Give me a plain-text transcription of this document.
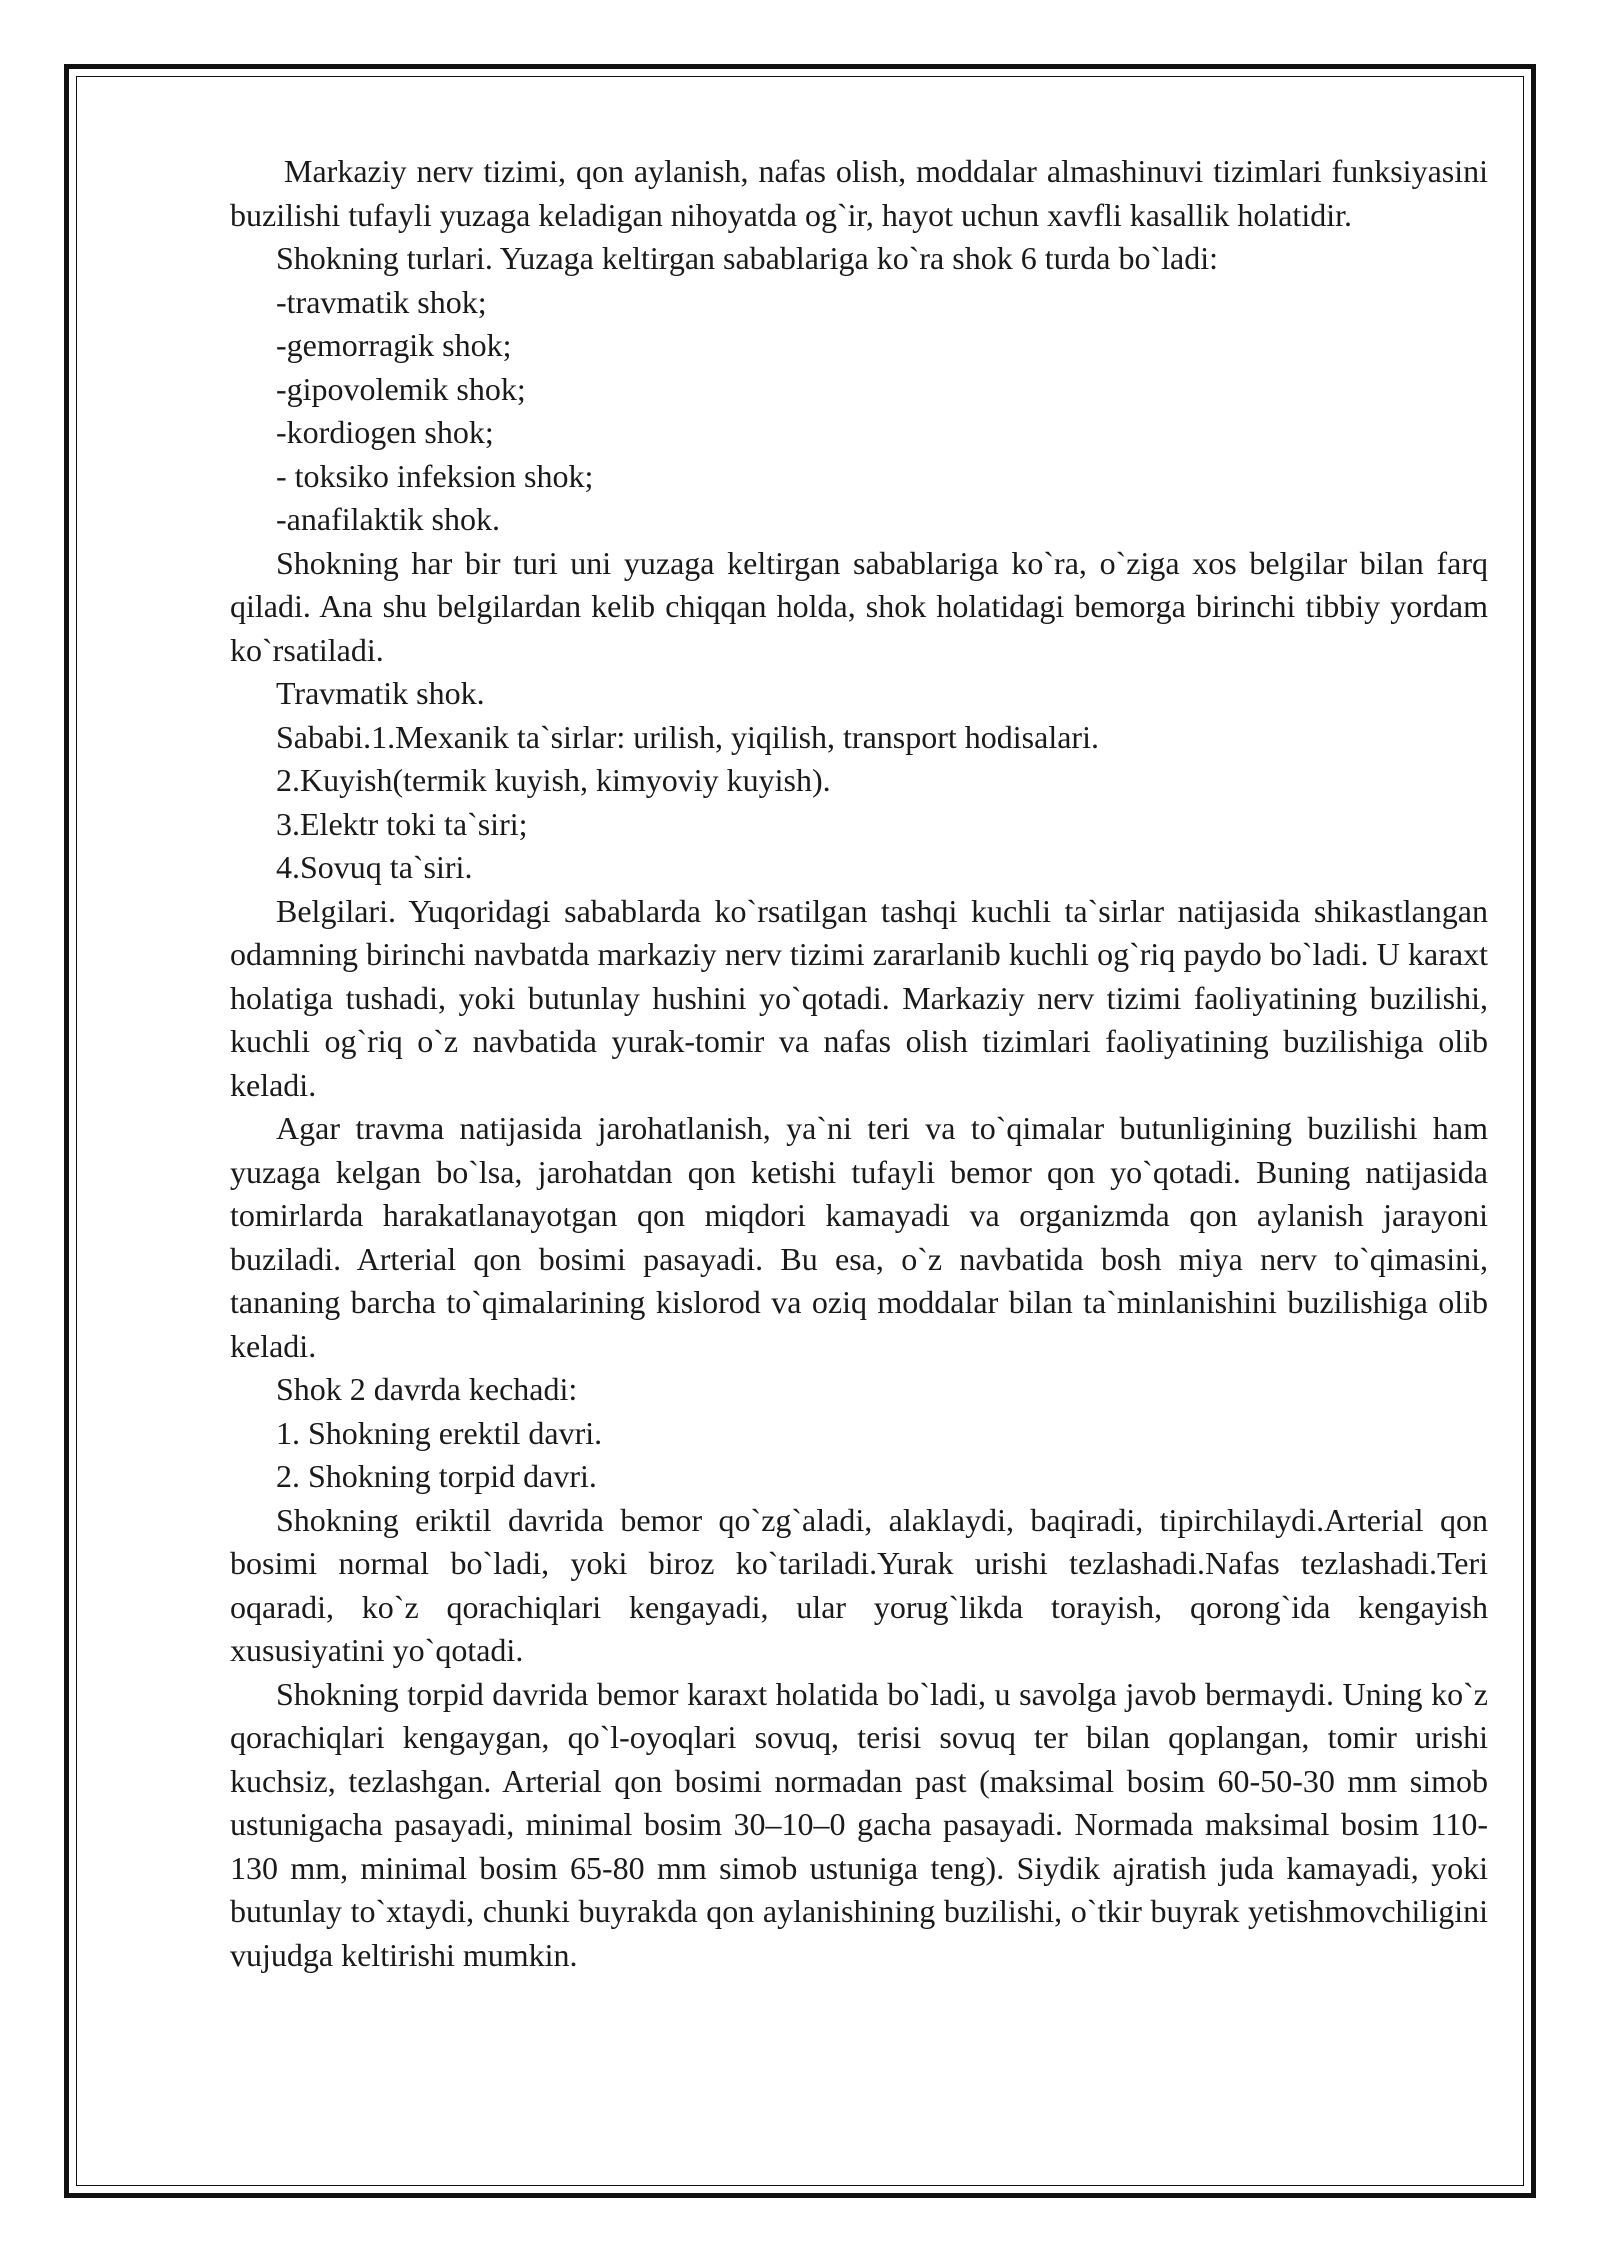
Markaziy nerv tizimi, qon aylanish, nafas olish, moddalar almashinuvi tizimlari funksiyasini buzilishi tufayli yuzaga keladigan nihoyatda og`ir, hayot uchun xavfli kasallik holatidir.

Shokning turlari. Yuzaga keltirgan sabablariga ko`ra shok 6 turda bo`ladi:

-travmatik shok;

-gemorragik shok;

-gipovolemik shok;

-kordiogen shok;

- toksiko infeksion shok;

-anafilaktik shok.

Shokning har bir turi uni yuzaga keltirgan sabablariga ko`ra, o`ziga xos belgilar bilan farq qiladi. Ana shu belgilardan kelib chiqqan holda, shok holatidagi bemorga birinchi tibbiy yordam ko`rsatiladi.

Travmatik shok.

Sababi.1.Mexanik ta`sirlar: urilish, yiqilish, transport hodisalari.

2.Kuyish(termik kuyish, kimyoviy kuyish).

3.Elektr toki ta`siri;

4.Sovuq ta`siri.

Belgilari. Yuqoridagi sabablarda ko`rsatilgan tashqi kuchli ta`sirlar natijasida shikastlangan odamning birinchi navbatda markaziy nerv tizimi zararlanib kuchli og`riq paydo bo`ladi. U karaxt holatiga tushadi, yoki butunlay hushini yo`qotadi. Markaziy nerv tizimi faoliyatining buzilishi, kuchli og`riq o`z navbatida yurak-tomir va nafas olish tizimlari faoliyatining buzilishiga olib keladi.

Agar travma natijasida jarohatlanish, ya`ni teri va to`qimalar butunligining buzilishi ham yuzaga kelgan bo`lsa, jarohatdan qon ketishi tufayli bemor qon yo`qotadi. Buning natijasida tomirlarda harakatlanayotgan qon miqdori kamayadi va organizmda qon aylanish jarayoni buziladi. Arterial qon bosimi pasayadi. Bu esa, o`z navbatida bosh miya nerv to`qimasini, tananing barcha to`qimalarining kislorod va oziq moddalar bilan ta`minlanishini buzilishiga olib keladi.

Shok 2 davrda kechadi:

1. Shokning erektil davri.

2. Shokning torpid davri.

Shokning eriktil davrida bemor qo`zg`aladi, alaklaydi, baqiradi, tipirchilaydi.Arterial qon bosimi normal bo`ladi, yoki biroz ko`tariladi.Yurak urishi tezlashadi.Nafas tezlashadi.Teri oqaradi, ko`z qorachiqlari kengayadi, ular yorug`likda torayish, qorong`ida kengayish xususiyatini yo`qotadi.

Shokning torpid davrida bemor karaxt holatida bo`ladi, u savolga javob bermaydi. Uning ko`z qorachiqlari kengaygan, qo`l-oyoqlari sovuq, terisi sovuq ter bilan qoplangan, tomir urishi kuchsiz, tezlashgan. Arterial qon bosimi normadan past (maksimal bosim 60-50-30 mm simob ustunigacha pasayadi, minimal bosim 30–10–0 gacha pasayadi. Normada maksimal bosim 110-130 mm, minimal bosim 65-80 mm simob ustuniga teng). Siydik ajratish juda kamayadi, yoki butunlay to`xtaydi, chunki buyrakda qon aylanishining buzilishi, o`tkir buyrak yetishmovchiligini vujudga keltirishi mumkin.
